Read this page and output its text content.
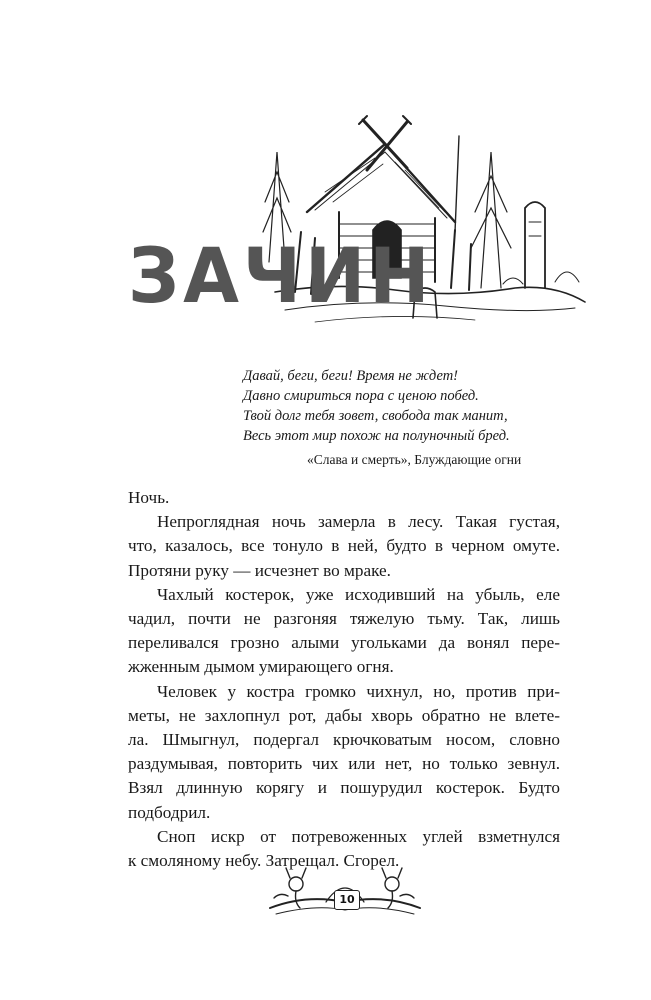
ЗАЧИН
Давай, беги, беги! Время не ждет!
Давно смириться пора с ценою побед.
Твой долг тебя зовет, свобода так манит,
Весь этот мир похож на полуночный бред.
«Слава и смерть», Блуждающие огни

Ночь.

Непроглядная ночь замерла в лесу. Такая густая,
что, казалось, все тонуло в ней, будто в черном омуте.
Протяни руку — исчезнет во мраке.

Чахлый костерок, уже исходивший на убыль, еле
чадил, почти не разгоняя тяжелую тьму. Так, лишь
переливался грозно алыми угольками да вонял пере-
жженным дымом умирающего огня.

Человек у костра громко чихнул, но, против при-
меты, не захлопнул рот, дабы хворь обратно не влете-
ла. Шмыгнул, подергал крючковатым носом, словно
раздумывая, повторить чих или нет, но только зевнул.
Взял длинную корягу и пошурудил костерок. Будто
подбодрил.

Сноп искр от потревоженных углей взметнулся
к смоляному небу. Затрещал. Сгорел.

10
